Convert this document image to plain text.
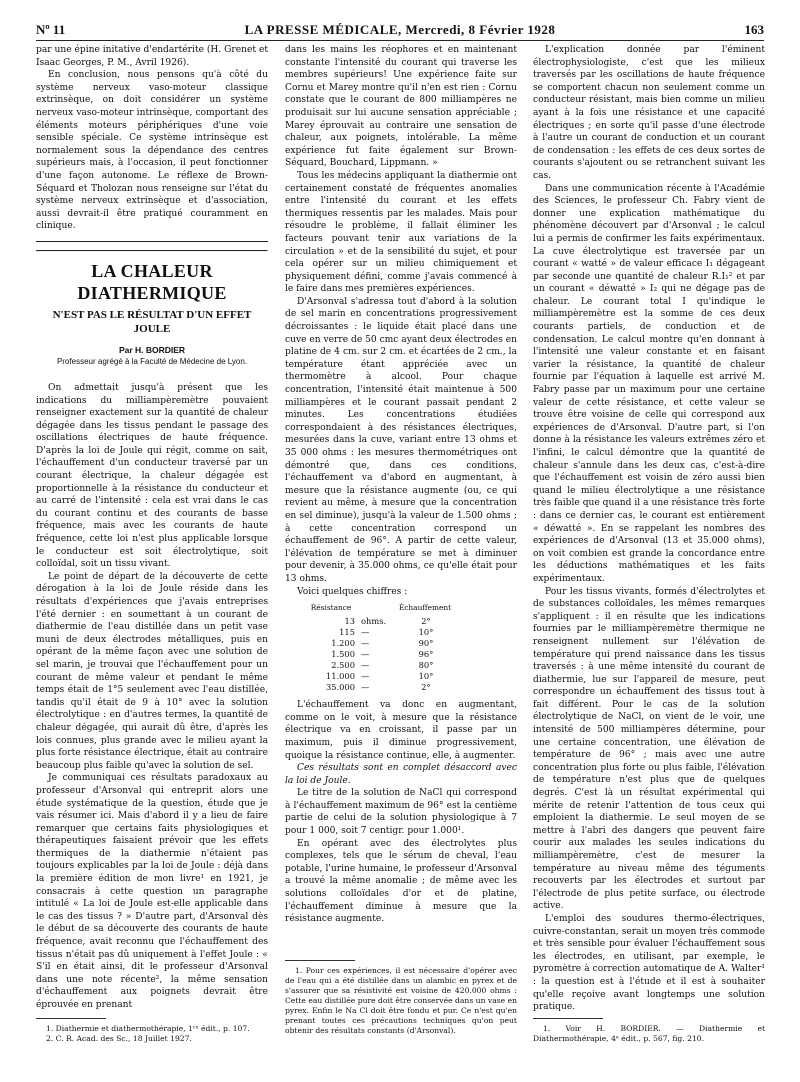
Nº 11	LA PRESSE MÉDICALE, Mercredi, 8 Février 1928	163

par une épine initative d'endartérite (H. Grenet et Isaac Georges, P. M., Avril 1926).

En conclusion, nous pensons qu'à côté du système nerveux vaso-moteur classique extrinsèque, on doit considérer un système nerveux vaso-moteur intrinsèque, comportant des éléments moteurs périphériques d'une voie sensible spéciale. Ce système intrinsèque est normalement sous la dépendance des centres supérieurs mais, à l'occasion, il peut fonctionner d'une façon autonome. Le réflexe de Brown-Séquard et Tholozan nous renseigne sur l'état du système nerveux extrinsèque et d'association, aussi devrait-il être pratiqué couramment en clinique.

LA CHALEUR DIATHERMIQUE
N'EST PAS LE RÉSULTAT D'UN EFFET JOULE
Par H. BORDIER
Professeur agrégé à la Faculté de Médecine de Lyon.

On admettait jusqu'à présent que les indications du milliampèremètre pouvaient renseigner exactement sur la quantité de chaleur dégagée dans les tissus pendant le passage des oscillations électriques de haute fréquence. D'après la loi de Joule qui régit, comme on sait, l'échauffement d'un conducteur traversé par un courant électrique, la chaleur dégagée est proportionnelle à la résistance du conducteur et au carré de l'intensité : cela est vrai dans le cas du courant continu et des courants de basse fréquence, mais avec les courants de haute fréquence, cette loi n'est plus applicable lorsque le conducteur est soit électrolytique, soit colloïdal, soit un tissu vivant.

Le point de départ de la découverte de cette dérogation à la loi de Joule réside dans les résultats d'expériences que j'avais entreprises l'été dernier : en soumettant à un courant de diathermie de l'eau distillée dans un petit vase muni de deux électrodes métalliques, puis en opérant de la même façon avec une solution de sel marin, je trouvai que l'échauffement pour un courant de même valeur et pendant le même temps était de 1°5 seulement avec l'eau distillée, tandis qu'il était de 9 à 10° avec la solution électrolytique : en d'autres termes, la quantité de chaleur dégagée, qui aurait dû être, d'après les lois connues, plus grande avec le milieu ayant la plus forte résistance électrique, était au contraire beaucoup plus faible qu'avec la solution de sel.

Je communiquai ces résultats paradoxaux au professeur d'Arsonval qui entreprit alors une étude systématique de la question, étude que je vais résumer ici. Mais d'abord il y a lieu de faire remarquer que certains faits physiologiques et thérapeutiques faisaient prévoir que les effets thermiques de la diathermie n'étaient pas toujours explicables par la loi de Joule : déjà dans la première édition de mon livre¹ en 1921, je consacrais à cette question un paragraphe intitulé « La loi de Joule est-elle applicable dans le cas des tissus ? » D'autre part, d'Arsonval dès le début de sa découverte des courants de haute fréquence, avait reconnu que l'échauffement des tissus n'était pas dû uniquement à l'effet Joule : « S'il en était ainsi, dit le professeur d'Arsonval dans une note récente², la même sensation d'échauffement aux poignets devrait être éprouvée en prenant

1. Diathermie et diathermothérapie, 1ʳᵉ édit., p. 107.

2. C. R. Acad. des Sc., 18 Juillet 1927.

dans les mains les réophores et en maintenant constante l'intensité du courant qui traverse les membres supérieurs! Une expérience faite sur Cornu et Marey montre qu'il n'en est rien : Cornu constate que le courant de 800 milliampères ne produisait sur lui aucune sensation appréciable ; Marey éprouvait au contraire une sensation de chaleur, aux poignets, intolérable. La même expérience fut faite également sur Brown-Séquard, Bouchard, Lippmann. »

Tous les médecins appliquant la diathermie ont certainement constaté de fréquentes anomalies entre l'intensité du courant et les effets thermiques ressentis par les malades. Mais pour résoudre le problème, il fallait éliminer les facteurs pouvant tenir aux variations de la circulation » et de la sensibilité du sujet, et pour cela opérer sur un milieu chimiquement et physiquement défini, comme j'avais commencé à le faire dans mes premières expériences.

D'Arsonval s'adressa tout d'abord à la solution de sel marin en concentrations progressivement décroissantes : le liquide était placé dans une cuve en verre de 50 cmc ayant deux électrodes en platine de 4 cm. sur 2 cm. et écartées de 2 cm., la température étant appréciée avec un thermomètre à alcool. Pour chaque concentration, l'intensité était maintenue à 500 milliampères et le courant passait pendant 2 minutes. Les concentrations étudiées correspondaient à des résistances électriques, mesurées dans la cuve, variant entre 13 ohms et 35 000 ohms : les mesures thermométriques ont démontré que, dans ces conditions, l'échauffement va d'abord en augmentant, à mesure que la résistance augmente (ou, ce qui revient au même, à mesure que la concentration en sel diminue), jusqu'à la valeur de 1.500 ohms ; à cette concentration correspond un échauffement de 96°. A partir de cette valeur, l'élévation de température se met à diminuer pour devenir, à 35.000 ohms, ce qu'elle était pour 13 ohms.

Voici quelques chiffres :

Résistance	Échauffement
13 ohms.	2°
115 —	10°
1.200 —	90°
1.500 —	96°
2.500 —	80°
11.000 —	10°
35.000 —	2°

L'échauffement va donc en augmentant, comme on le voit, à mesure que la résistance électrique va en croissant, il passe par un maximum, puis il diminue progressivement, quoique la résistance continue, elle, à augmenter.

Ces résultats sont en complet désaccord avec la loi de Joule.

Le titre de la solution de NaCl qui correspond à l'échauffement maximum de 96° est la centième partie de celui de la solution physiologique à 7 pour 1 000, soit 7 centigr. pour 1.000¹.

En opérant avec des électrolytes plus complexes, tels que le sérum de cheval, l'eau potable, l'urine humaine, le professeur d'Arsonval a trouvé la même anomalie ; de même avec les solutions colloïdales d'or et de platine, l'échauffement diminue à mesure que la résistance augmente.

1. Pour ces expériences, il est nécessaire d'opérer avec de l'eau qui a été distillée dans un alambic en pyrex et de s'assurer que sa résistivité est voisine de 420.000 ohms : Cette eau distillée pure doit être conservée dans un vase en pyrex. Enfin le Na Cl doit être fondu et pur. Ce n'est qu'en prenant toutes ces précautions techniques qu'on peut obtenir des résultats constants (d'Arsonval).

L'explication donnée par l'éminent électrophysiologiste, c'est que les milieux traversés par les oscillations de haute fréquence se comportent chacun non seulement comme un conducteur résistant, mais bien comme un milieu ayant à la fois une résistance et une capacité électriques ; en sorte qu'il passe d'une électrode à l'autre un courant de conduction et un courant de condensation : les effets de ces deux sortes de courants s'ajoutent ou se retranchent suivant les cas.

Dans une communication récente à l'Académie des Sciences, le professeur Ch. Fabry vient de donner une explication mathématique du phénomène découvert par d'Arsonval ; le calcul lui a permis de confirmer les faits expérimentaux. La cuve électrolytique est traversée par un courant « watté » de valeur efficace I₁ dégageant par seconde une quantité de chaleur R.I₁² et par un courant « déwatté » I₂ qui ne dégage pas de chaleur. Le courant total I qu'indique le milliampèremètre est la somme de ces deux courants partiels, de conduction et de condensation. Le calcul montre qu'en donnant à l'intensité une valeur constante et en faisant varier la résistance, la quantité de chaleur fournie par l'équation à laquelle est arrivé M. Fabry passe par un maximum pour une certaine valeur de cette résistance, et cette valeur se trouve être voisine de celle qui correspond aux expériences de d'Arsonval. D'autre part, si l'on donne à la résistance les valeurs extrêmes zéro et l'infini, le calcul démontre que la quantité de chaleur s'annule dans les deux cas, c'est-à-dire que l'échauffement est voisin de zéro aussi bien quand le milieu électrolytique a une résistance très faible que quand il a une résistance très forte : dans ce dernier cas, le courant est entièrement « déwatté ». En se rappelant les nombres des expériences de d'Arsonval (13 et 35.000 ohms), on voit combien est grande la concordance entre les déductions mathématiques et les faits expérimentaux.

Pour les tissus vivants, formés d'électrolytes et de substances colloïdales, les mêmes remarques s'appliquent : il en résulte que les indications fournies par le milliampèremètre thermique ne renseignent nullement sur l'élévation de température qui prend naissance dans les tissus traversés : à une même intensité du courant de diathermie, lue sur l'appareil de mesure, peut correspondre un échauffement des tissus tout à fait différent. Pour le cas de la solution électrolytique de NaCl, on vient de le voir, une intensité de 500 milliampères détermine, pour une certaine concentration, une élévation de température de 96° ; mais avec une autre concentration plus forte ou plus faible, l'élévation de température n'est plus que de quelques degrés. C'est là un résultat expérimental qui mérite de retenir l'attention de tous ceux qui emploient la diathermie. Le seul moyen de se mettre à l'abri des dangers que peuvent faire courir aux malades les seules indications du milliampèremètre, c'est de mesurer la température au niveau même des téguments recouverts par les électrodes et surtout par l'électrode de plus petite surface, ou électrode active.

L'emploi des soudures thermo-électriques, cuivre-constantan, serait un moyen très commode et très sensible pour évaluer l'échauffement sous les électrodes, en utilisant, par exemple, le pyromètre à correction automatique de A. Walter¹ : la question est à l'étude et il est à souhaiter qu'elle reçoive avant longtemps une solution pratique.

1. Voir H. BORDIER. — Diathermie et Diathermothérapie, 4ᵉ édit., p. 567, fig. 210.
